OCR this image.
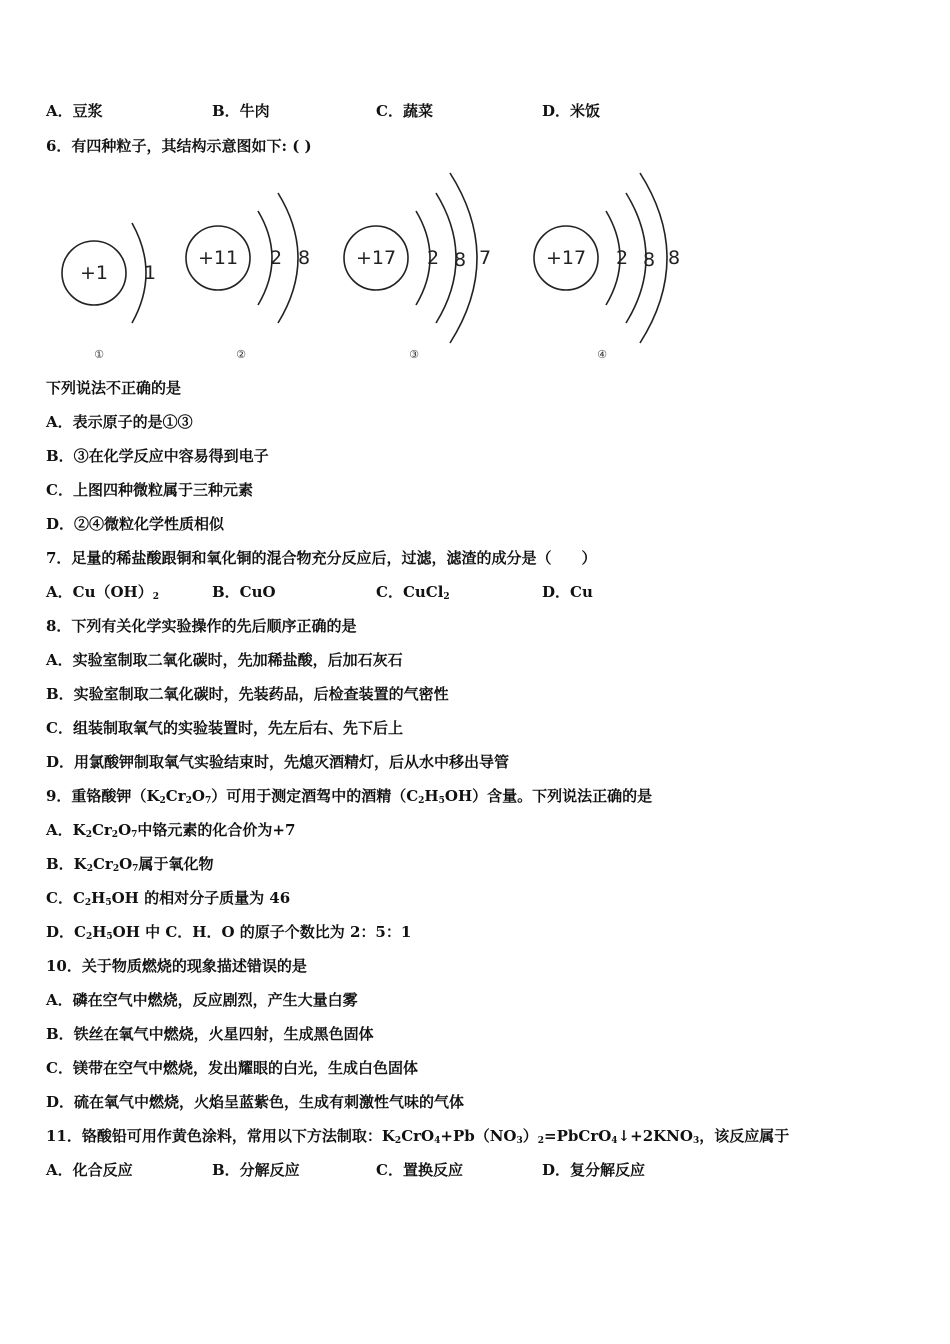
A．豆浆	B．牛肉	C．蔬菜	D．米饭
6．有四种粒子，其结构示意图如下: ( )
+1 1
+11 2 8 +17 2 8 7	+17 2 8 8
①	②	③	④
下列说法不正确的是
A．表示原子的是①③
B．③在化学反应中容易得到电子
C．上图四种微粒属于三种元素
D．②④微粒化学性质相似
7．足量的稀盐酸跟铜和氧化铜的混合物充分反应后，过滤，滤渣的成分是（　　）
A．$Cu(OH)_2$	B．CuO	C．CuCl$_2$	D．Cu
8．下列有关化学实验操作的先后顺序正确的是
A．实验室制取二氧化碳时，先加稀盐酸，后加石灰石
B．实验室制取二氧化碳时，先装药品，后检查装置的气密性
C．组装制取氧气的实验装置时，先左后右、先下后上
D．用氯酸钾制取氧气实验结束时，先熄灭酒精灯，后从水中移出导管
9．重铬酸钾$(K_2Cr_2O_7)$可用于测定酒驾中的酒精$(C_2H_5OH)$含量。下列说法正确的是
A．$K_2Cr_2O_7$中铬元素的化合价为+7
B．$K_2Cr_2O_7$属于氧化物
C．$C_2H_5OH$ 的相对分子质量为 46
D．$C_2H_5OH$ 中 C．H．O 的原子个数比为 2：5：1
10．关于物质燃烧的现象描述错误的是
A．磷在空气中燃烧，反应剧烈，产生大量白雾
B．铁丝在氧气中燃烧，火星四射，生成黑色固体
C．镁带在空气中燃烧，发出耀眼的白光，生成白色固体
D．硫在氧气中燃烧，火焰呈蓝紫色，生成有刺激性气味的气体
11．铬酸铅可用作黄色涂料，常用以下方法制取：$K_2CrO_4+Pb(NO_3)_2=PbCrO_4↓+2KNO_3$，该反应属于
A．化合反应	B．分解反应	C．置换反应	D．复分解反应
